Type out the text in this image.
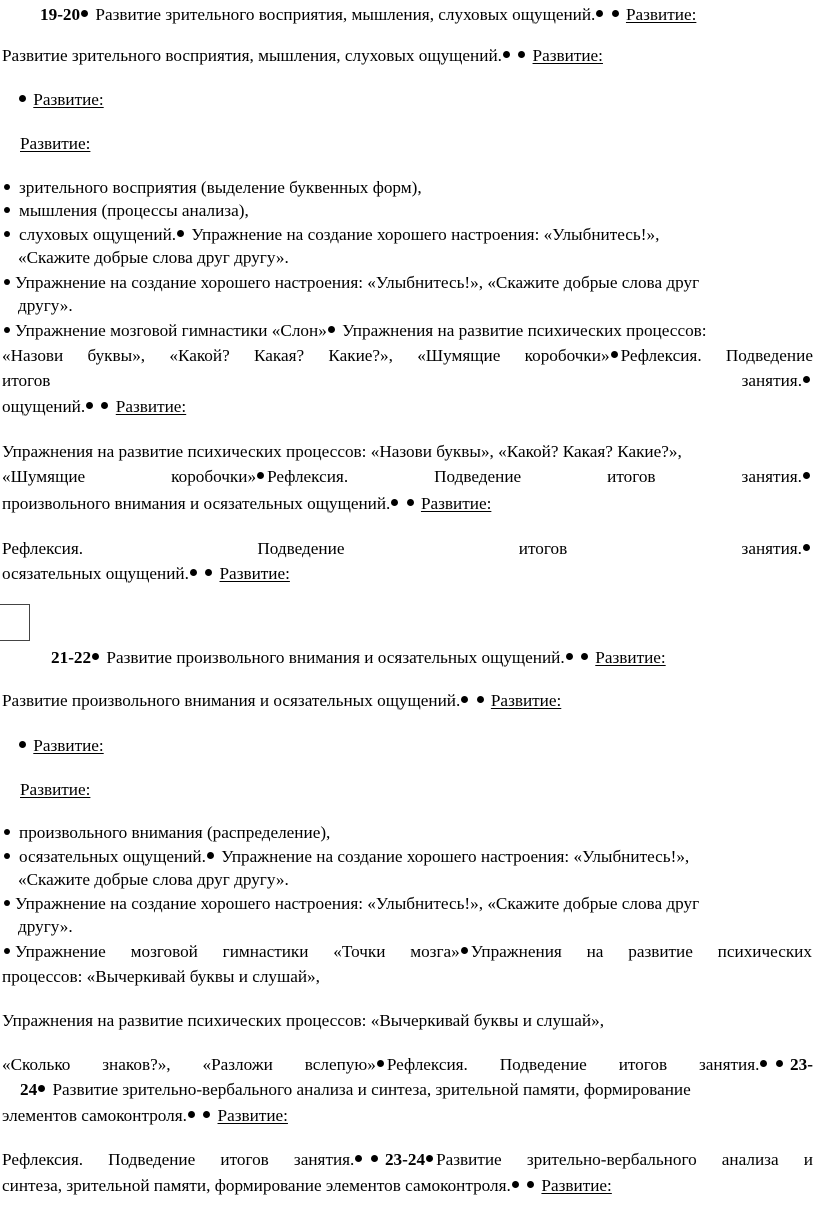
19-20 Развитие зрительного восприятия, мышления, слуховых ощущений. Развитие:
Развитие зрительного восприятия, мышления, слуховых ощущений. Развитие:
Развитие:
Развитие:
зрительного восприятия (выделение буквенных форм),
мышления (процессы анализа),
слуховых ощущений. Упражнение на создание хорошего настроения: «Улыбнитесь!»,
«Скажите добрые слова друг другу».
Упражнение на создание хорошего настроения: «Улыбнитесь!», «Скажите добрые слова друг
другу».
Упражнение мозговой гимнастики «Слон» Упражнения на развитие психических процессов:
«Назови буквы», «Какой? Какая? Какие?», «Шумящие коробочки» Рефлексия. Подведение
итогов	занятия.
ощущений. Развитие:
Упражнения на развитие психических процессов: «Назови буквы», «Какой? Какая? Какие?»,
«Шумящие	коробочки» Рефлексия.	Подведение	итогов	занятия.
произвольного внимания и осязательных ощущений. Развитие:
Рефлексия.	Подведение	итогов	занятия.
осязательных ощущений. Развитие:
21-22 Развитие произвольного внимания и осязательных ощущений. Развитие:
Развитие произвольного внимания и осязательных ощущений. Развитие:
Развитие:
Развитие:
произвольного внимания (распределение),
осязательных ощущений. Упражнение на создание хорошего настроения: «Улыбнитесь!»,
«Скажите добрые слова друг другу».
Упражнение на создание хорошего настроения: «Улыбнитесь!», «Скажите добрые слова друг
другу».
Упражнение мозговой гимнастики «Точки мозга» Упражнения на развитие психических
процессов: «Вычеркивай буквы и слушай»,
Упражнения на развитие психических процессов: «Вычеркивай буквы и слушай»,
«Сколько знаков?», «Разложи вслепую» Рефлексия. Подведение итогов занятия. 23-
24 Развитие зрительно-вербального анализа и синтеза, зрительной памяти, формирование
элементов самоконтроля. Развитие:
Рефлексия. Подведение итогов занятия. 23-24 Развитие зрительно-вербального анализа и
синтеза, зрительной памяти, формирование элементов самоконтроля. Развитие:
